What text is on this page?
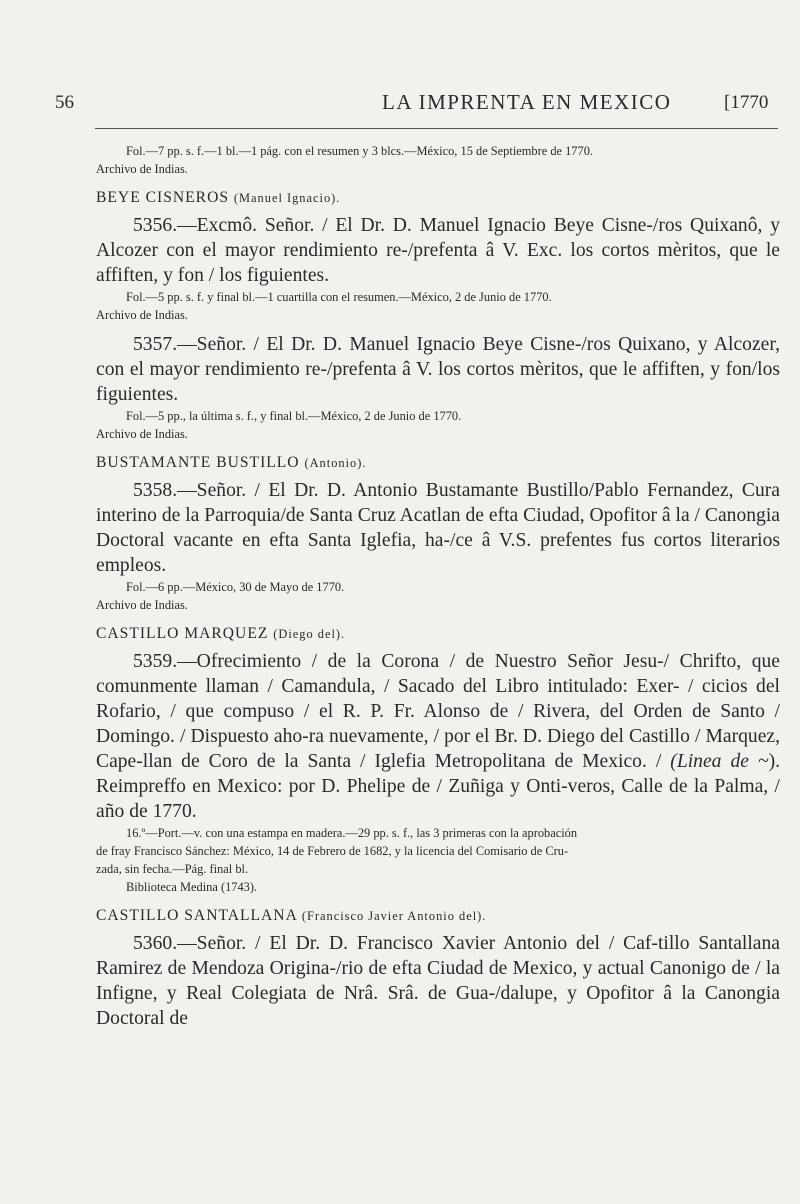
56	LA IMPRENTA EN MEXICO	[1770

Fol.—7 pp. s. f.—1 bl.—1 pág. con el resumen y 3 blcs.—México, 15 de Septiembre de 1770.

Archivo de Indias.

BEYE CISNEROS (Manuel Ignacio).

5356.—Excmô. Señor. / El Dr. D. Manuel Ignacio Beye Cisne-/ros Quixanô, y Alcozer con el mayor rendimiento re-/prefenta â V. Exc. los cortos mèritos, que le affiften, y fon / los figuientes.

Fol.—5 pp. s. f. y final bl.—1 cuartilla con el resumen.—México, 2 de Junio de 1770.

Archivo de Indias.

5357.—Señor. / El Dr. D. Manuel Ignacio Beye Cisne-/ros Quixano, y Alcozer, con el mayor rendimiento re-/prefenta â V. los cortos mèritos, que le affiften, y fon/los figuientes.

Fol.—5 pp., la última s. f., y final bl.—México, 2 de Junio de 1770.

Archivo de Indias.

BUSTAMANTE BUSTILLO (Antonio).

5358.—Señor. / El Dr. D. Antonio Bustamante Bustillo/Pablo Fernandez, Cura interino de la Parroquia/de Santa Cruz Acatlan de efta Ciudad, Opofitor â la / Canongia Doctoral vacante en efta Santa Iglefia, ha-/ce â V.S. prefentes fus cortos literarios empleos.

Fol.—6 pp.—México, 30 de Mayo de 1770.

Archivo de Indias.

CASTILLO MARQUEZ (Diego del).

5359.—Ofrecimiento / de la Corona / de Nuestro Señor Jesu-/ Chrifto, que comunmente llaman / Camandula, / Sacado del Libro intitulado: Exer- / cicios del Rofario, / que compuso / el R. P. Fr. Alonso de / Rivera, del Orden de Santo / Domingo. / Dispuesto aho-ra nuevamente, / por el Br. D. Diego del Castillo / Marquez, Cape-llan de Coro de la Santa / Iglefia Metropolitana de Mexico. / (Linea de ~). Reimpreffo en Mexico: por D. Phelipe de / Zuñiga y Onti-veros, Calle de la Palma, / año de 1770.

16.º—Port.—v. con una estampa en madera.—29 pp. s. f., las 3 primeras con la aprobación

de fray Francisco Sánchez: México, 14 de Febrero de 1682, y la licencia del Comisario de Cru-

zada, sin fecha.—Pág. final bl.

Biblioteca Medina (1743).

CASTILLO SANTALLANA (Francisco Javier Antonio del).

5360.—Señor. / El Dr. D. Francisco Xavier Antonio del / Caf-tillo Santallana Ramirez de Mendoza Origina-/rio de efta Ciudad de Mexico, y actual Canonigo de / la Infigne, y Real Colegiata de Nrâ. Srâ. de Gua-/dalupe, y Opofitor â la Canongia Doctoral de
